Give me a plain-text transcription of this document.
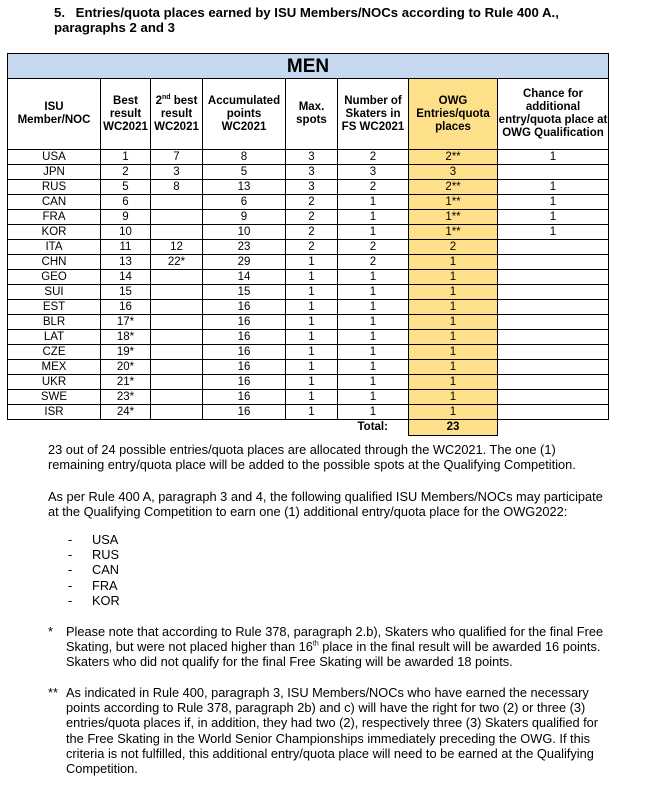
5. Entries/quota places earned by ISU Members/NOCs according to Rule 400 A.,
paragraphs 2 and 3
MEN							
ISU Member/NOC	Best result WC2021	2nd best result WC2021	Accumulated points WC2021	Max. spots	Number of Skaters in FS WC2021	OWG Entries/quota places	Chance for additional entry/quota place at OWG Qualification
USA	1	7	8	3	2	2**	1
JPN	2	3	5	3	3	3	
RUS	5	8	13	3	2	2**	1
CAN	6		6	2	1	1**	1
FRA	9		9	2	1	1**	1
KOR	10		10	2	1	1**	1
ITA	11	12	23	2	2	2	
CHN	13	22*	29	1	2	1	
GEO	14		14	1	1	1	
SUI	15		15	1	1	1	
EST	16		16	1	1	1	
BLR	17*		16	1	1	1	
LAT	18*		16	1	1	1	
CZE	19*		16	1	1	1	
MEX	20*		16	1	1	1	
UKR	21*		16	1	1	1	
SWE	23*		16	1	1	1	
ISR	24*		16	1	1	1	
					Total:	23	
23 out of 24 possible entries/quota places are allocated through the WC2021. The one (1) remaining entry/quota place will be added to the possible spots at the Qualifying Competition.
As per Rule 400 A, paragraph 3 and 4, the following qualified ISU Members/NOCs may participate at the Qualifying Competition to earn one (1) additional entry/quota place for the OWG2022:
-	USA
-	RUS
-	CAN
-	FRA
-	KOR
* Please note that according to Rule 378, paragraph 2.b), Skaters who qualified for the final Free Skating, but were not placed higher than 16th place in the final result will be awarded 16 points. Skaters who did not qualify for the final Free Skating will be awarded 18 points.
** As indicated in Rule 400, paragraph 3, ISU Members/NOCs who have earned the necessary points according to Rule 378, paragraph 2b) and c) will have the right for two (2) or three (3) entries/quota places if, in addition, they had two (2), respectively three (3) Skaters qualified for the Free Skating in the World Senior Championships immediately preceding the OWG. If this criteria is not fulfilled, this additional entry/quota place will need to be earned at the Qualifying Competition.
